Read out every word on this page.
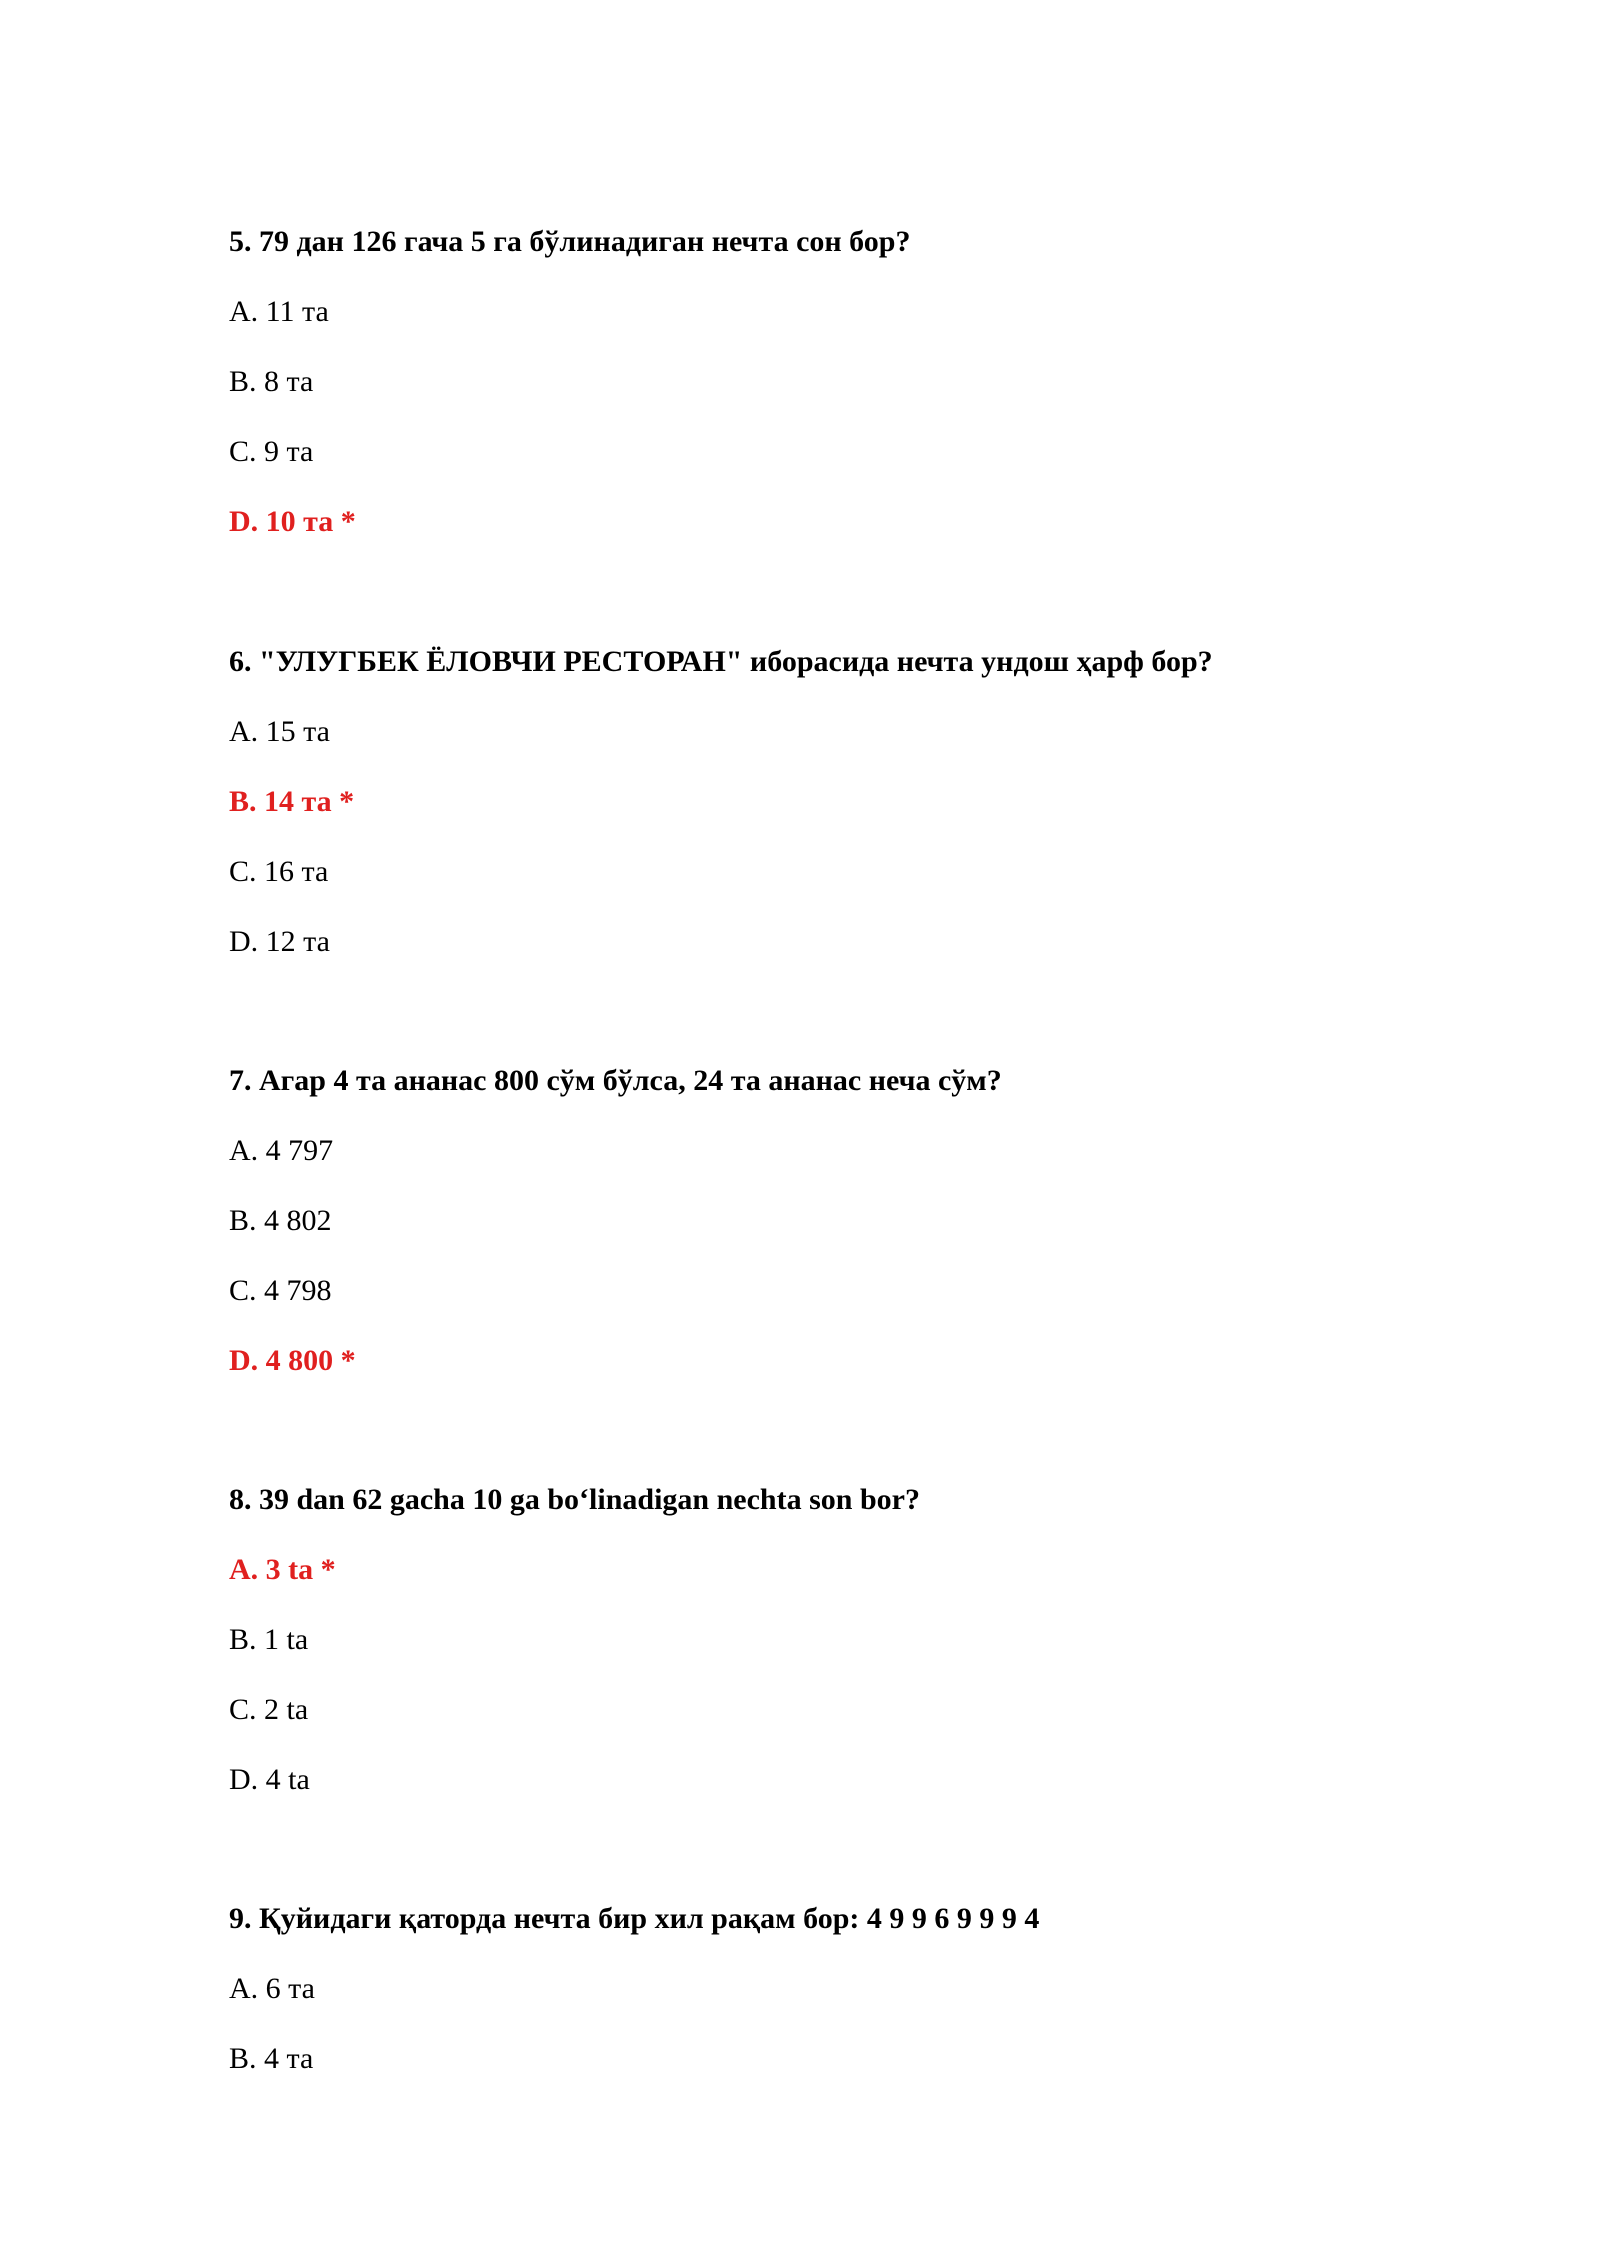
5. 79 дан 126 гача 5 га бўлинадиган нечта сон бор?

A. 11 та
B. 8 та
C. 9 та
D. 10 та *

6. "УЛУГБЕК ЁЛОВЧИ РЕСТОРАН" иборасида нечта ундош ҳарф бор?

A. 15 та
B. 14 та *
C. 16 та
D. 12 та

7. Агар 4 та ананас 800 сўм бўлса, 24 та ананас неча сўм?

A. 4 797
B. 4 802
C. 4 798
D. 4 800 *

8. 39 dan 62 gacha 10 ga bo‘linadigan nechta son bor?

A. 3 ta *
B. 1 ta
C. 2 ta
D. 4 ta

9. Қуйидаги қаторда нечта бир хил рақам бор: 4 9 9 6 9 9 9 4

A. 6 та
B. 4 та
